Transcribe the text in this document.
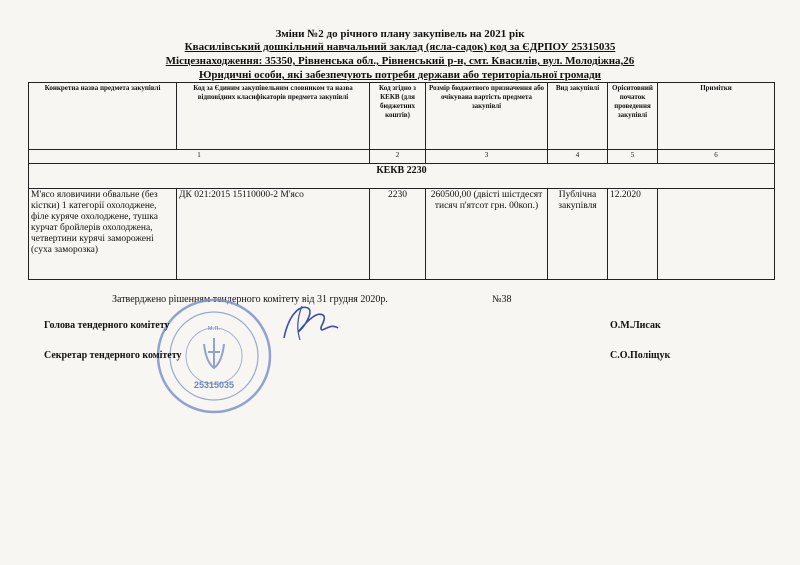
Зміни №2 до річного плану закупівель на 2021 рік
Квасилівський дошкільний навчальний заклад (ясла-садок) код за ЄДРПОУ 25315035
Місцезнаходження: 35350, Рівненська обл., Рівненський р-н, смт. Квасилів, вул. Молодіжна,26
Юридичні особи, які забезпечують потреби держави або територіальної громади
Конкретна назва предмета закупівлі	Код за Єдиним закупівельним словником та назва відповідних класифікаторів предмета закупівлі	Код згідно з КЕКВ (для бюджетних коштів)	Розмір бюджетного призначення або очікувана вартість предмета закупівлі	Вид закупівлі	Орієнтовний початок проведення закупівлі	Примітки
1		2	3	4	5	6
КЕКВ 2230						
М'ясо яловичини обвальне (без кістки) 1 категорії охолоджене, філе куряче охолоджене, тушка курчат бройлерів охолоджена, четвертини курячі заморожені (суха заморозка)	ДК 021:2015 15110000-2 М'ясо	2230	260500,00 (двісті шістдесят тисяч п'ятсот грн. 00коп.)	Публічна закупівля	12.2020	
Затверджено рішенням тендерного комітету від 31 грудня 2020р.	№38
м.п.
25315035
Голова тендерного комітету	О.М.Лисак
Секретар тендерного комітету	С.О.Поліщук
